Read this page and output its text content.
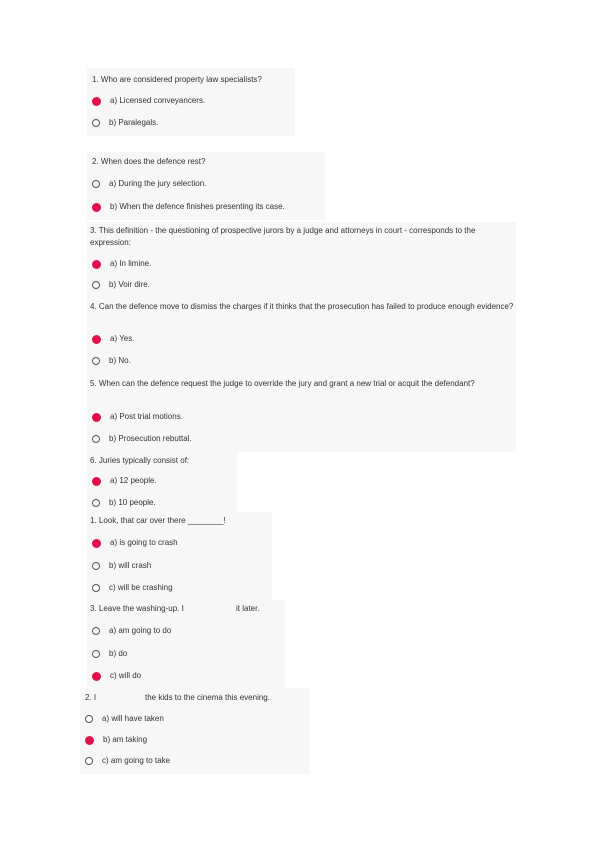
1. Who are considered property law specialists?
a) Licensed conveyancers.
b) Paralegals.
2. When does the defence rest?
a) During the jury selection.
b) When the defence finishes presenting its case.
3. This definition - the questioning of prospective jurors by a judge and attorneys in court - corresponds to the expression:
a) In limine.
b) Voir dire.
4. Can the defence move to dismiss the charges if it thinks that the prosecution has failed to produce enough evidence?
a) Yes.
b) No.
5. When can the defence request the judge to override the jury and grant a new trial or acquit the defendant?
a) Post trial motions.
b) Prosecution rebuttal.
6. Juries typically consist of:
a) 12 people.
b) 10 people.
1. Look, that car over there ________!
a) is going to crash
b) will crash
c) will be crashing
3. Leave the washing-up. I	it later.
a) am going to do
b) do
c) will do
2. I	the kids to the cinema this evening.
a) will have taken
b) am taking
c) am going to take
